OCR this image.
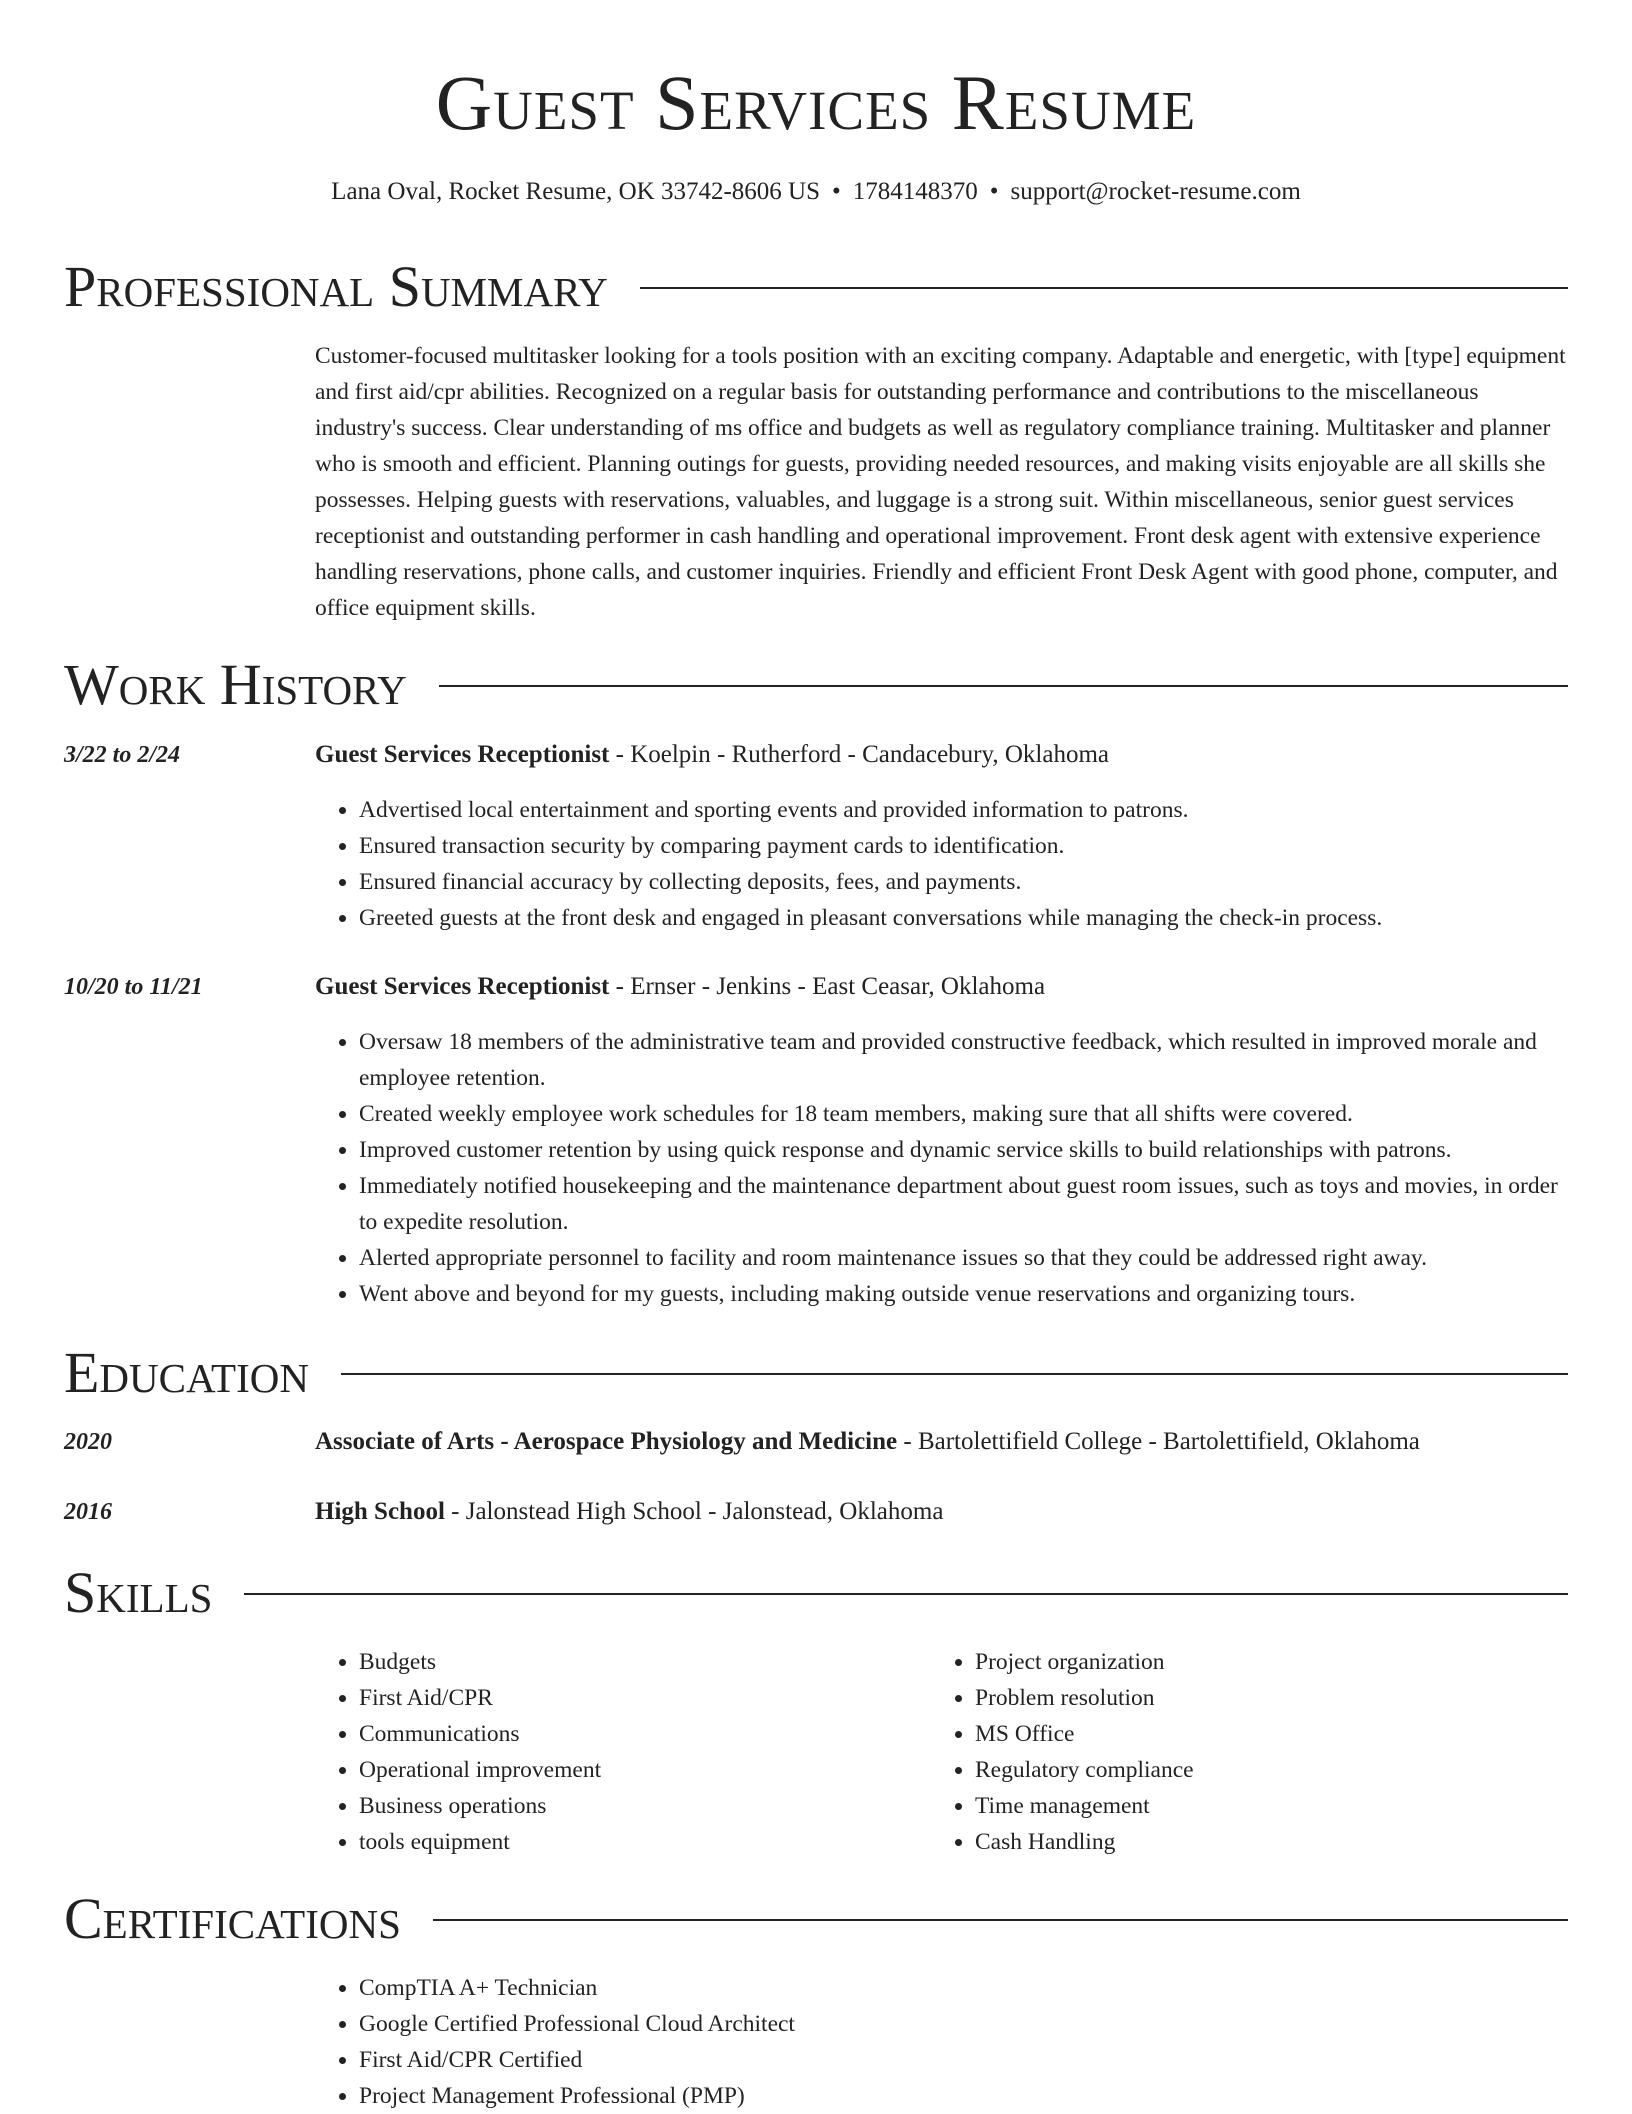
Guest Services Resume
Lana Oval, Rocket Resume, OK 33742-8606 US • 1784148370 • support@rocket-resume.com
Professional Summary
Customer-focused multitasker looking for a tools position with an exciting company. Adaptable and energetic, with [type] equipment and first aid/cpr abilities. Recognized on a regular basis for outstanding performance and contributions to the miscellaneous industry's success. Clear understanding of ms office and budgets as well as regulatory compliance training. Multitasker and planner who is smooth and efficient. Planning outings for guests, providing needed resources, and making visits enjoyable are all skills she possesses. Helping guests with reservations, valuables, and luggage is a strong suit. Within miscellaneous, senior guest services receptionist and outstanding performer in cash handling and operational improvement. Front desk agent with extensive experience handling reservations, phone calls, and customer inquiries. Friendly and efficient Front Desk Agent with good phone, computer, and office equipment skills.
Work History
3/22 to 2/24	Guest Services Receptionist - Koelpin - Rutherford - Candacebury, Oklahoma
• Advertised local entertainment and sporting events and provided information to patrons.
• Ensured transaction security by comparing payment cards to identification.
• Ensured financial accuracy by collecting deposits, fees, and payments.
• Greeted guests at the front desk and engaged in pleasant conversations while managing the check-in process.
10/20 to 11/21	Guest Services Receptionist - Ernser - Jenkins - East Ceasar, Oklahoma
• Oversaw 18 members of the administrative team and provided constructive feedback, which resulted in improved morale and employee retention.
• Created weekly employee work schedules for 18 team members, making sure that all shifts were covered.
• Improved customer retention by using quick response and dynamic service skills to build relationships with patrons.
• Immediately notified housekeeping and the maintenance department about guest room issues, such as toys and movies, in order to expedite resolution.
• Alerted appropriate personnel to facility and room maintenance issues so that they could be addressed right away.
• Went above and beyond for my guests, including making outside venue reservations and organizing tours.
Education
2020	Associate of Arts - Aerospace Physiology and Medicine - Bartolettifield College - Bartolettifield, Oklahoma
2016	High School - Jalonstead High School - Jalonstead, Oklahoma
Skills
• Budgets
• First Aid/CPR
• Communications
• Operational improvement
• Business operations
• tools equipment
• Project organization
• Problem resolution
• MS Office
• Regulatory compliance
• Time management
• Cash Handling
Certifications
• CompTIA A+ Technician
• Google Certified Professional Cloud Architect
• First Aid/CPR Certified
• Project Management Professional (PMP)
